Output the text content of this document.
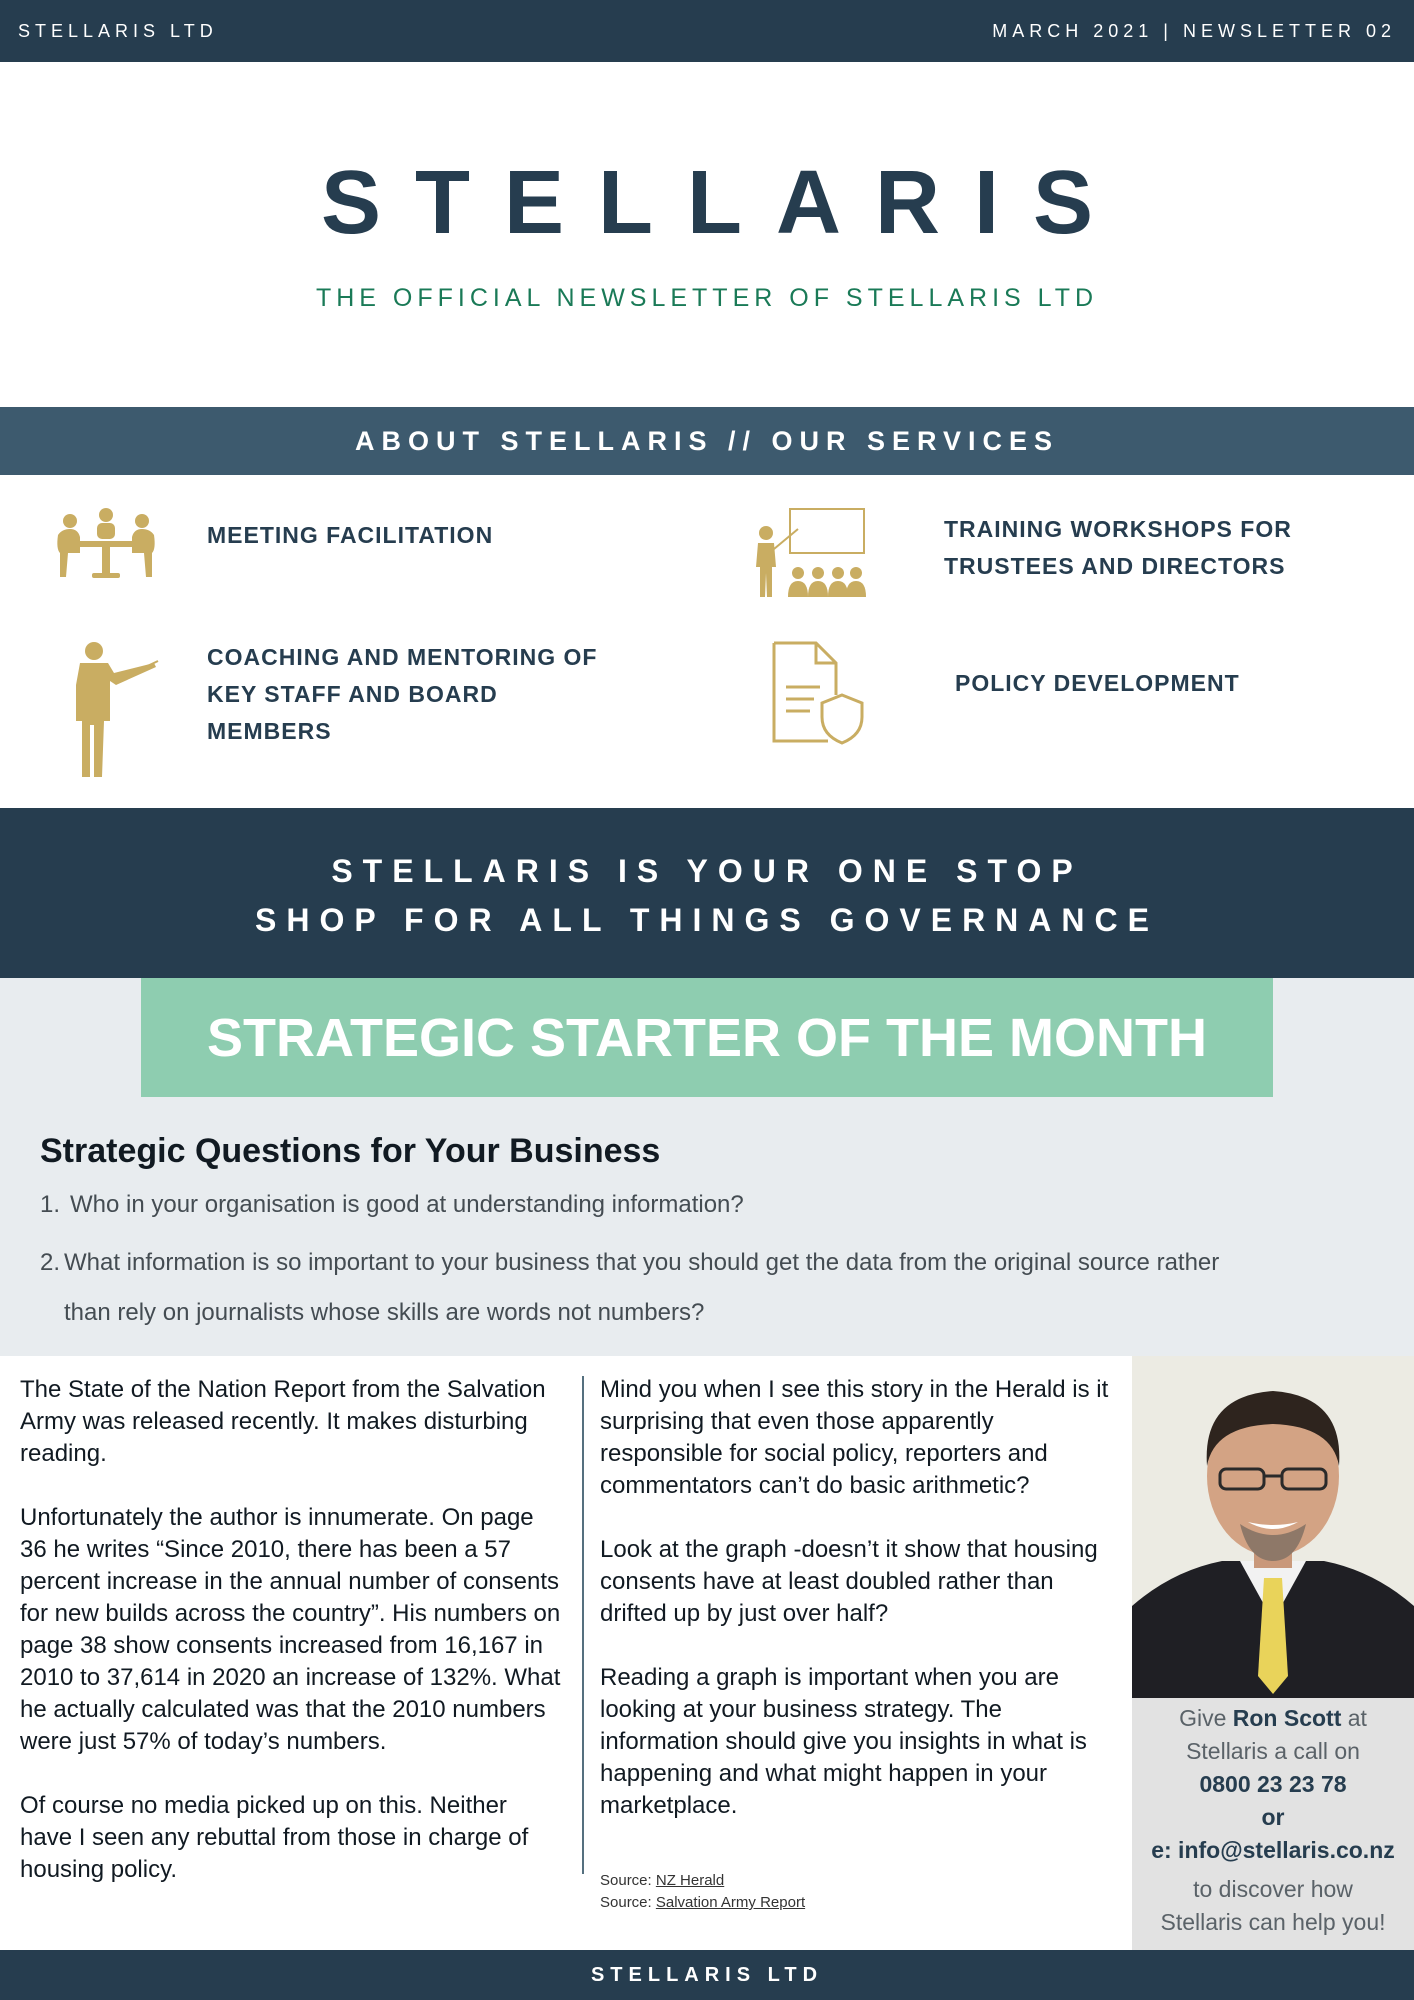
STELLARIS LTD	MARCH 2021 | NEWSLETTER 02
STELLARIS
THE OFFICIAL NEWSLETTER OF STELLARIS LTD
ABOUT STELLARIS // OUR SERVICES
MEETING FACILITATION	TRAINING WORKSHOPS FOR TRUSTEES AND DIRECTORS
COACHING AND MENTORING OF KEY STAFF AND BOARD MEMBERS
POLICY DEVELOPMENT
STELLARIS IS YOUR ONE STOP
SHOP FOR ALL THINGS GOVERNANCE
STRATEGIC STARTER OF THE MONTH
Strategic Questions for Your Business
1. Who in your organisation is good at understanding information?
2. What information is so important to your business that you should get the data from the original source rather
than rely on journalists whose skills are words not numbers?

The State of the Nation Report from the Salvation Army was released recently. It makes disturbing reading.

Unfortunately the author is innumerate. On page 36 he writes “Since 2010, there has been a 57 percent increase in the annual number of consents for new builds across the country”. His numbers on page 38 show consents increased from 16,167 in 2010 to 37,614 in 2020 an increase of 132%. What he actually calculated was that the 2010 numbers were just 57% of today’s numbers.

Of course no media picked up on this. Neither have I seen any rebuttal from those in charge of housing policy.

Mind you when I see this story in the Herald is it surprising that even those apparently responsible for social policy, reporters and commentators can’t do basic arithmetic?

Look at the graph -doesn’t it show that housing consents have at least doubled rather than drifted up by just over half?

Reading a graph is important when you are looking at your business strategy. The information should give you insights in what is happening and what might happen in your marketplace.

Source: NZ Herald
Source: Salvation Army Report
Give Ron Scott at
Stellaris a call on
0800 23 23 78
or
e: info@stellaris.co.nz
to discover how
Stellaris can help you!
STELLARIS LTD
